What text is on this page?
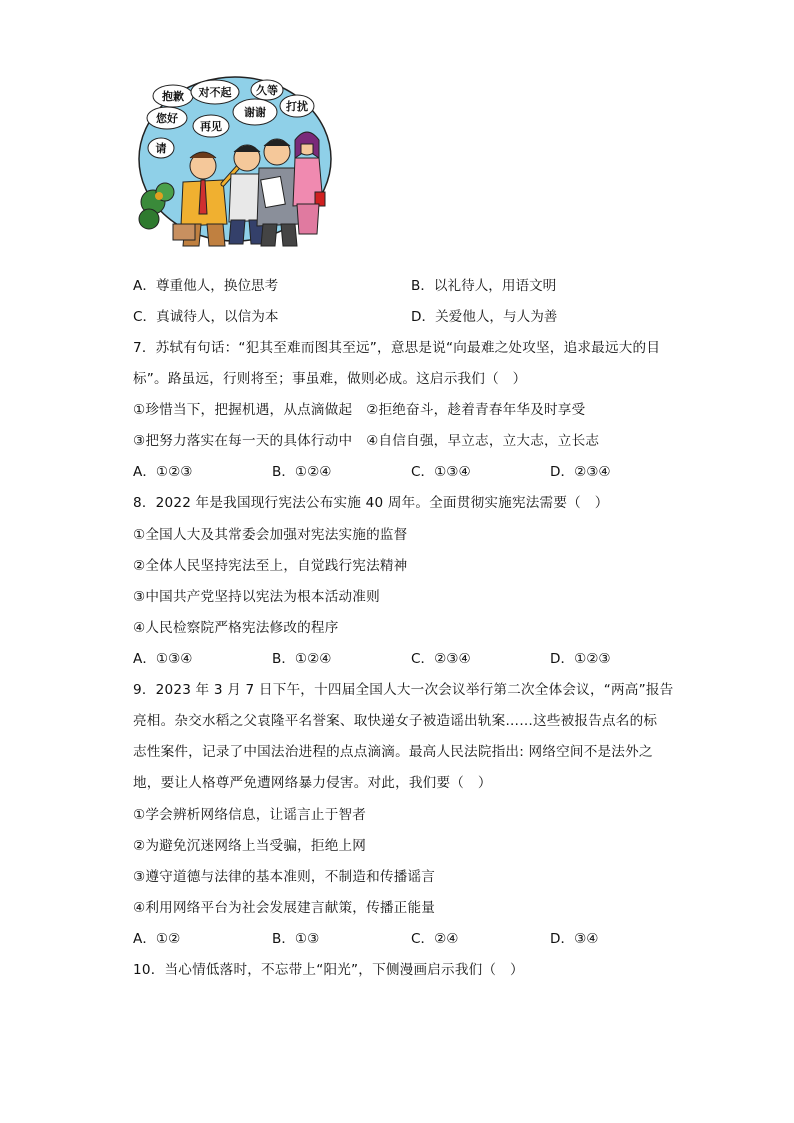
抱歉 对不起 久等
您好
再见
谢谢 打扰
请
A．尊重他人，换位思考	B．以礼待人，用语文明
C．真诚待人，以信为本	D．关爱他人，与人为善
7．苏轼有句话：“犯其至难而图其至远”，意思是说“向最难之处攻坚，追求最远大的目
标”。路虽远，行则将至；事虽难，做则必成。这启示我们（　）
①珍惜当下，把握机遇，从点滴做起　②拒绝奋斗，趁着青春年华及时享受
③把努力落实在每一天的具体行动中　④自信自强，早立志，立大志，立长志
A．①②③	B．①②④	C．①③④	D．②③④
8．2022 年是我国现行宪法公布实施 40 周年。全面贯彻实施宪法需要（　）
①全国人大及其常委会加强对宪法实施的监督
②全体人民坚持宪法至上，自觉践行宪法精神
③中国共产党坚持以宪法为根本活动准则
④人民检察院严格宪法修改的程序
A．①③④	B．①②④	C．②③④	D．①②③
9．2023 年 3 月 7 日下午，十四届全国人大一次会议举行第二次全体会议，“两高”报告
亮相。杂交水稻之父袁隆平名誉案、取快递女子被造谣出轨案……这些被报告点名的标
志性案件，记录了中国法治进程的点点滴滴。最高人民法院指出: 网络空间不是法外之
地，要让人格尊严免遭网络暴力侵害。对此，我们要（　）
①学会辨析网络信息，让谣言止于智者
②为避免沉迷网络上当受骗，拒绝上网
③遵守道德与法律的基本准则，不制造和传播谣言
④利用网络平台为社会发展建言献策，传播正能量
A．①②	B．①③	C．②④	D．③④
10．当心情低落时，不忘带上“阳光”，下侧漫画启示我们（　）
